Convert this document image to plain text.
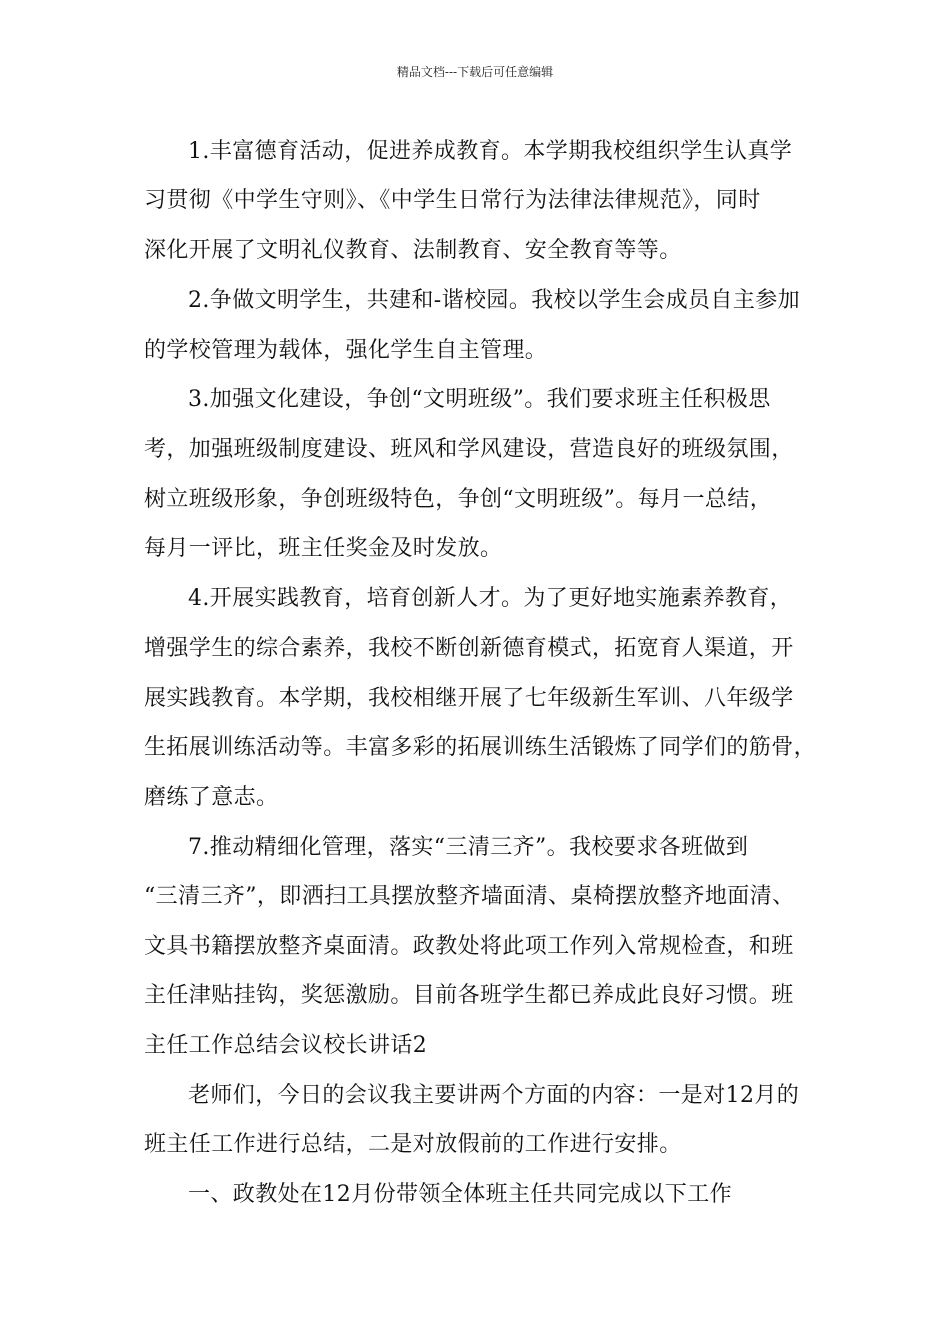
精品文档---下载后可任意编辑
1.丰富德育活动，促进养成教育。本学期我校组织学生认真学
习贯彻《中学生守则》、《中学生日常行为法律法律规范》，同时
深化开展了文明礼仪教育、法制教育、安全教育等等。
2.争做文明学生，共建和-谐校园。我校以学生会成员自主参加
的学校管理为载体，强化学生自主管理。
3.加强文化建设，争创“文明班级”。我们要求班主任积极思
考，加强班级制度建设、班风和学风建设，营造良好的班级氛围，
树立班级形象，争创班级特色，争创“文明班级”。每月一总结，
每月一评比，班主任奖金及时发放。
4.开展实践教育，培育创新人才。为了更好地实施素养教育，
增强学生的综合素养，我校不断创新德育模式，拓宽育人渠道，开
展实践教育。本学期，我校相继开展了七年级新生军训、八年级学
生拓展训练活动等。丰富多彩的拓展训练生活锻炼了同学们的筋骨，
磨练了意志。
7.推动精细化管理，落实“三清三齐”。我校要求各班做到
“三清三齐”，即洒扫工具摆放整齐墙面清、桌椅摆放整齐地面清、
文具书籍摆放整齐桌面清。政教处将此项工作列入常规检查，和班
主任津贴挂钩，奖惩激励。目前各班学生都已养成此良好习惯。班
主任工作总结会议校长讲话2
老师们，今日的会议我主要讲两个方面的内容：一是对12月的
班主任工作进行总结，二是对放假前的工作进行安排。
一、政教处在12月份带领全体班主任共同完成以下工作
